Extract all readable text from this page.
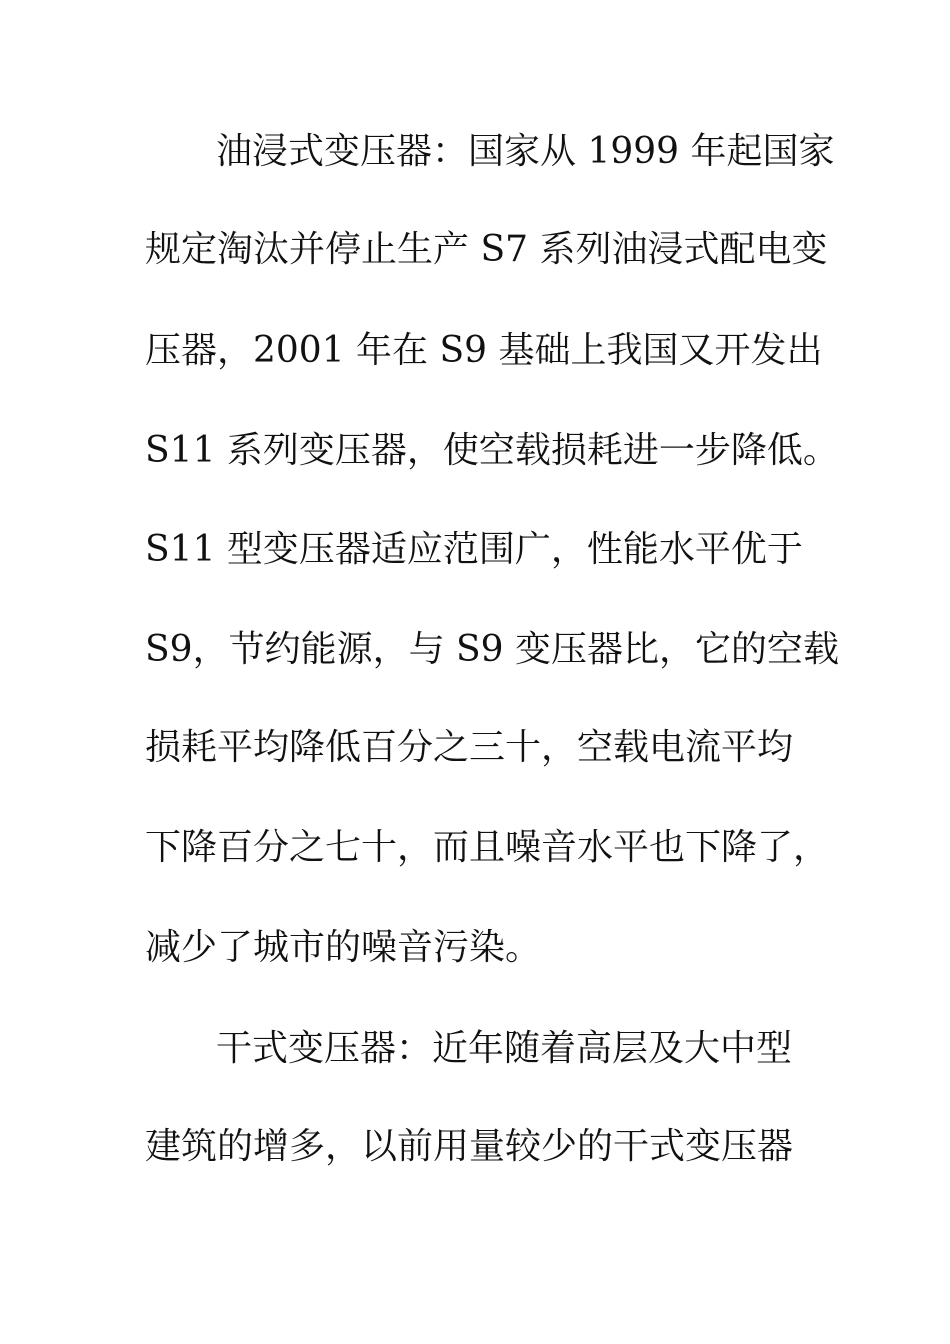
油浸式变压器：国家从 1999 年起国家
规定淘汰并停止生产 S7 系列油浸式配电变
压器，2001 年在 S9 基础上我国又开发出
S11 系列变压器，使空载损耗进一步降低。
S11 型变压器适应范围广，性能水平优于
S9，节约能源，与 S9 变压器比，它的空载
损耗平均降低百分之三十，空载电流平均
下降百分之七十，而且噪音水平也下降了，
减少了城市的噪音污染。
干式变压器：近年随着高层及大中型
建筑的增多，以前用量较少的干式变压器
